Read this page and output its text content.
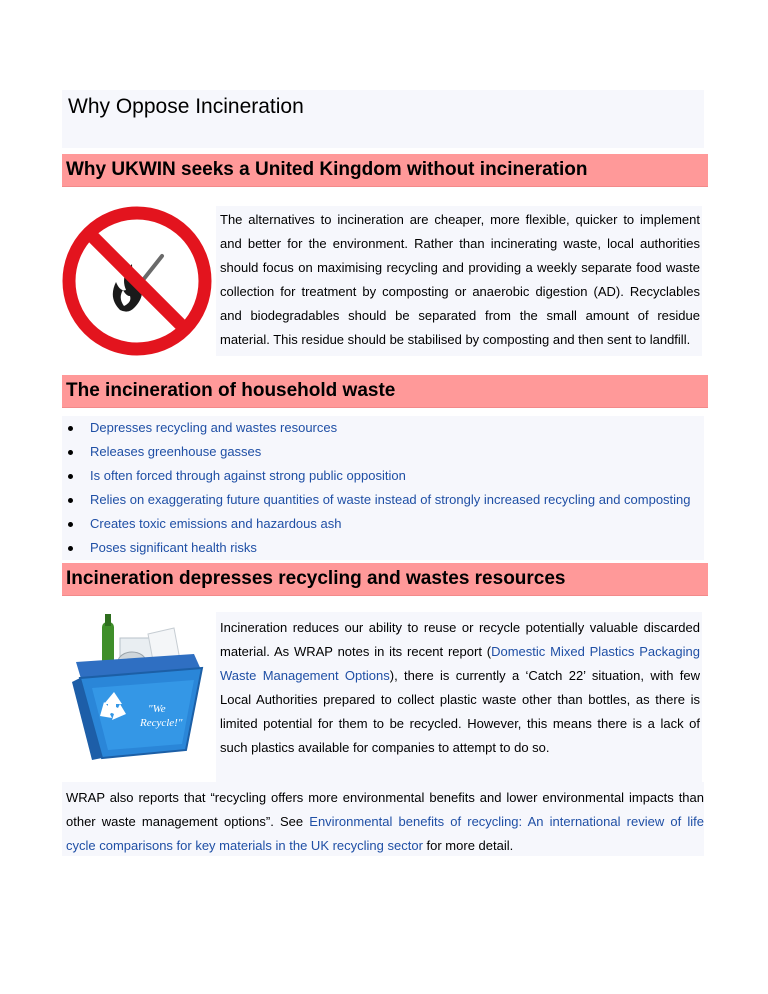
Why Oppose Incineration
Why UKWIN seeks a United Kingdom without incineration

The alternatives to incineration are cheaper, more flexible, quicker to implement and better for the environment. Rather than incinerating waste, local authorities should focus on maximising recycling and providing a weekly separate food waste collection for treatment by composting or anaerobic digestion (AD). Recyclables and biodegradables should be separated from the small amount of residue material. This residue should be stabilised by composting and then sent to landfill.

The incineration of household waste
Depresses recycling and wastes resources
Releases greenhouse gasses
Is often forced through against strong public opposition
Relies on exaggerating future quantities of waste instead of strongly increased recycling and composting
Creates toxic emissions and hazardous ash
Poses significant health risks
Incineration depresses recycling and wastes resources
"We
Recycle!"

Incineration reduces our ability to reuse or recycle potentially valuable discarded material. As WRAP notes in its recent report (Domestic Mixed Plastics Packaging Waste Management Options), there is currently a ‘Catch 22’ situation, with few Local Authorities prepared to collect plastic waste other than bottles, as there is limited potential for them to be recycled. However, this means there is a lack of such plastics available for companies to attempt to do so.

WRAP also reports that “recycling offers more environmental benefits and lower environmental impacts than other waste management options”. See Environmental benefits of recycling: An international review of life cycle comparisons for key materials in the UK recycling sector for more detail.
